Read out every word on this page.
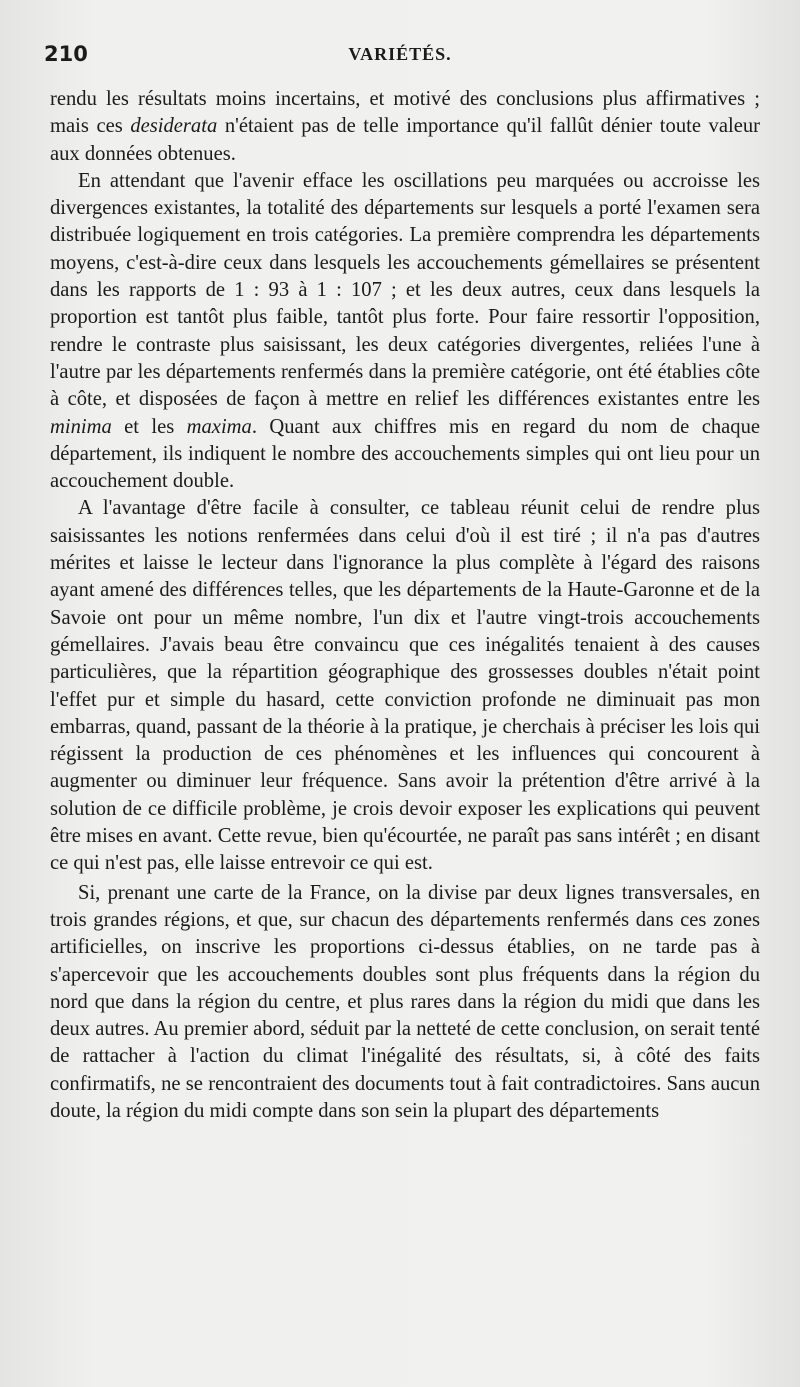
210	VARIÉTÉS.

rendu les résultats moins incertains, et motivé des conclusions plus affirmatives ; mais ces desiderata n'étaient pas de telle importance qu'il fallût dénier toute valeur aux données obtenues.

En attendant que l'avenir efface les oscillations peu marquées ou accroisse les divergences existantes, la totalité des départements sur lesquels a porté l'examen sera distribuée logiquement en trois catégories. La première comprendra les départements moyens, c'est-à-dire ceux dans lesquels les accouchements gémellaires se présentent dans les rapports de 1 : 93 à 1 : 107 ; et les deux autres, ceux dans lesquels la proportion est tantôt plus faible, tantôt plus forte. Pour faire ressortir l'opposition, rendre le contraste plus saisissant, les deux catégories divergentes, reliées l'une à l'autre par les départements renfermés dans la première catégorie, ont été établies côte à côte, et disposées de façon à mettre en relief les différences existantes entre les minima et les maxima. Quant aux chiffres mis en regard du nom de chaque département, ils indiquent le nombre des accouchements simples qui ont lieu pour un accouchement double.

A l'avantage d'être facile à consulter, ce tableau réunit celui de rendre plus saisissantes les notions renfermées dans celui d'où il est tiré ; il n'a pas d'autres mérites et laisse le lecteur dans l'ignorance la plus complète à l'égard des raisons ayant amené des différences telles, que les départements de la Haute-Garonne et de la Savoie ont pour un même nombre, l'un dix et l'autre vingt-trois accouchements gémellaires. J'avais beau être convaincu que ces inégalités tenaient à des causes particulières, que la répartition géographique des grossesses doubles n'était point l'effet pur et simple du hasard, cette conviction profonde ne diminuait pas mon embarras, quand, passant de la théorie à la pratique, je cherchais à préciser les lois qui régissent la production de ces phénomènes et les influences qui concourent à augmenter ou diminuer leur fréquence. Sans avoir la prétention d'être arrivé à la solution de ce difficile problème, je crois devoir exposer les explications qui peuvent être mises en avant. Cette revue, bien qu'écourtée, ne paraît pas sans intérêt ; en disant ce qui n'est pas, elle laisse entrevoir ce qui est.

Si, prenant une carte de la France, on la divise par deux lignes transversales, en trois grandes régions, et que, sur chacun des départements renfermés dans ces zones artificielles, on inscrive les proportions ci-dessus établies, on ne tarde pas à s'apercevoir que les accouchements doubles sont plus fréquents dans la région du nord que dans la région du centre, et plus rares dans la région du midi que dans les deux autres. Au premier abord, séduit par la netteté de cette conclusion, on serait tenté de rattacher à l'action du climat l'inégalité des résultats, si, à côté des faits confirmatifs, ne se rencontraient des documents tout à fait contradictoires. Sans aucun doute, la région du midi compte dans son sein la plupart des départements
